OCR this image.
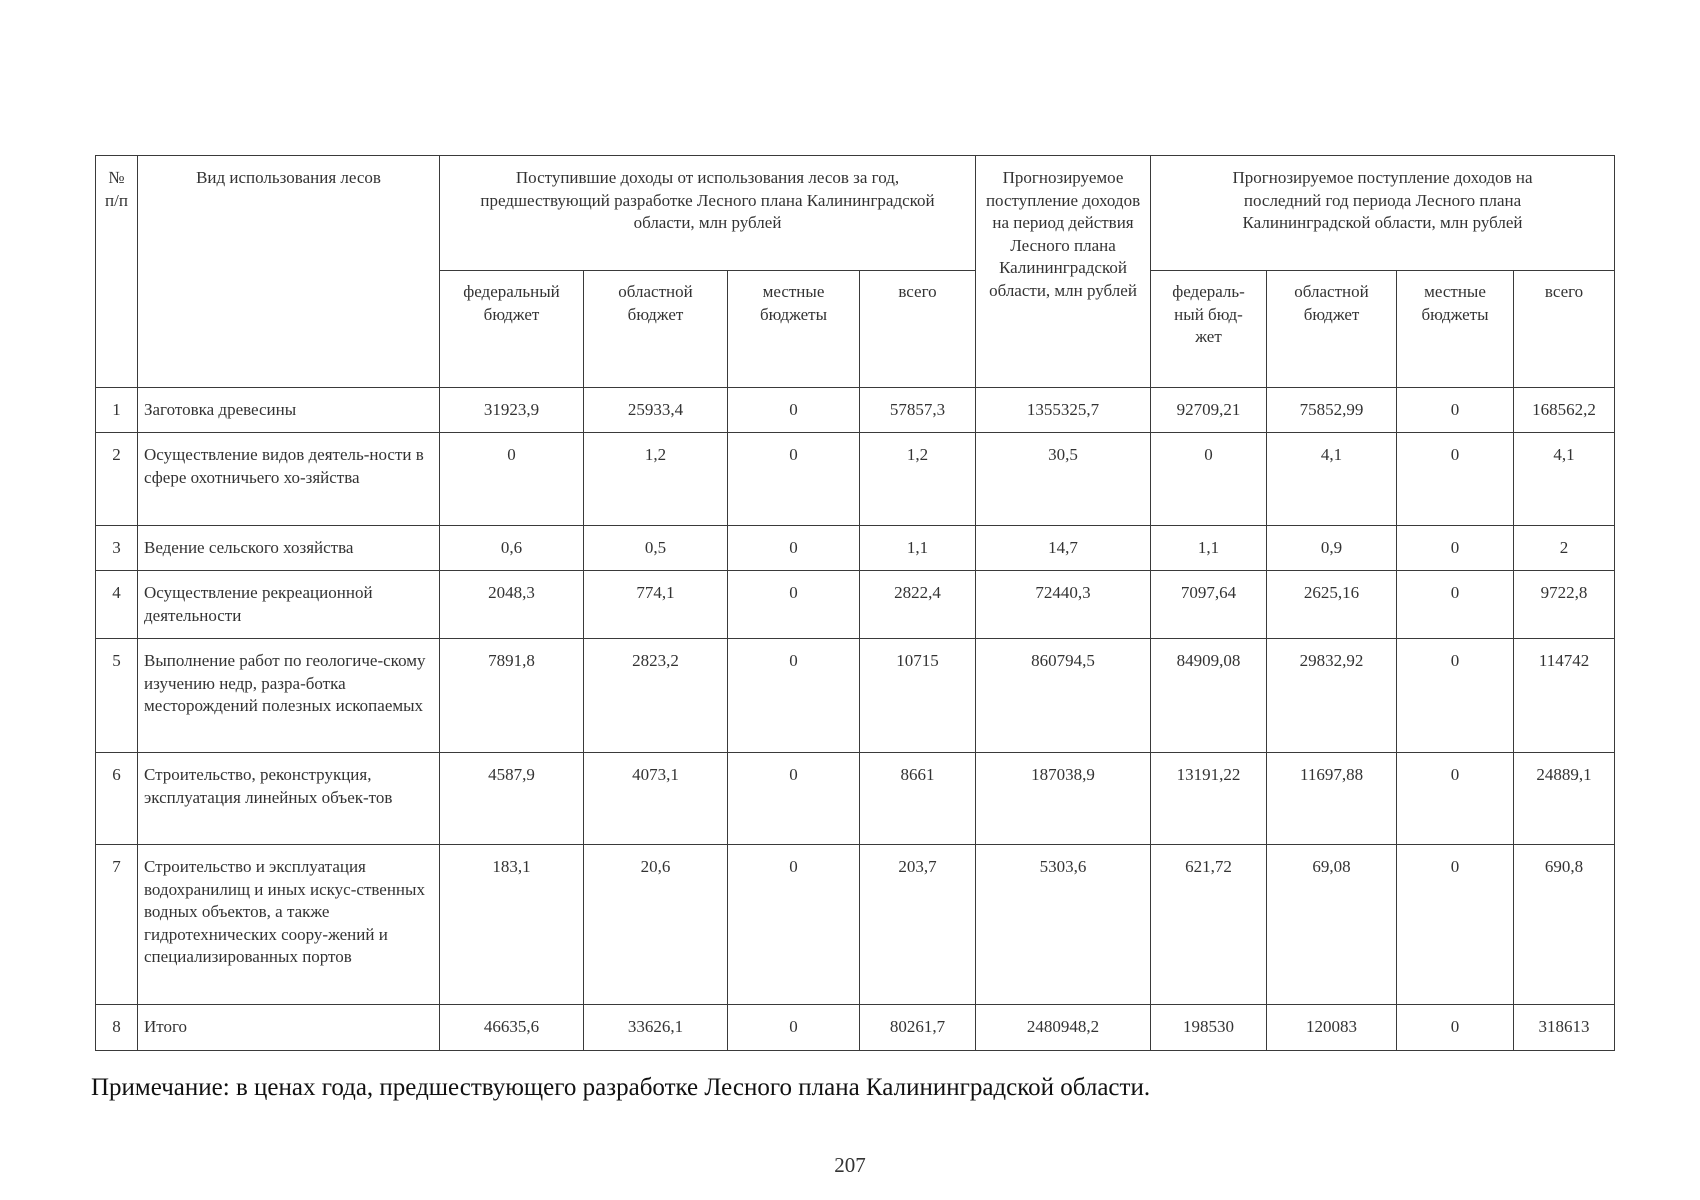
№ п/п	Вид использования лесов	Поступившие доходы от использования лесов за год, предшествующий разработке Лесного плана Калининградской области, млн рублей				Прогнозируемое поступление доходов на период действия Лесного плана Калининградской области, млн рублей	Прогнозируемое поступление доходов на последний год периода Лесного плана Калининградской области, млн рублей			
		федеральный бюджет	областной бюджет	местные бюджеты	всего		федераль-ный бюд-жет	областной бюджет	местные бюджеты	всего
1	Заготовка древесины	31923,9	25933,4	0	57857,3	1355325,7	92709,21	75852,99	0	168562,2
2	Осуществление видов деятель-ности в сфере охотничьего хо-зяйства	0	1,2	0	1,2	30,5	0	4,1	0	4,1
3	Ведение сельского хозяйства	0,6	0,5	0	1,1	14,7	1,1	0,9	0	2
4	Осуществление рекреационной деятельности	2048,3	774,1	0	2822,4	72440,3	7097,64	2625,16	0	9722,8
5	Выполнение работ по геологиче-скому изучению недр, разра-ботка месторождений полезных ископаемых	7891,8	2823,2	0	10715	860794,5	84909,08	29832,92	0	114742
6	Строительство, реконструкция, эксплуатация линейных объек-тов	4587,9	4073,1	0	8661	187038,9	13191,22	11697,88	0	24889,1
7	Строительство и эксплуатация водохранилищ и иных искус-ственных водных объектов, а также гидротехнических соору-жений и специализированных портов	183,1	20,6	0	203,7	5303,6	621,72	69,08	0	690,8
8	Итого	46635,6	33626,1	0	80261,7	2480948,2	198530	120083	0	318613
Примечание: в ценах года, предшествующего разработке Лесного плана Калининградской области.
207
